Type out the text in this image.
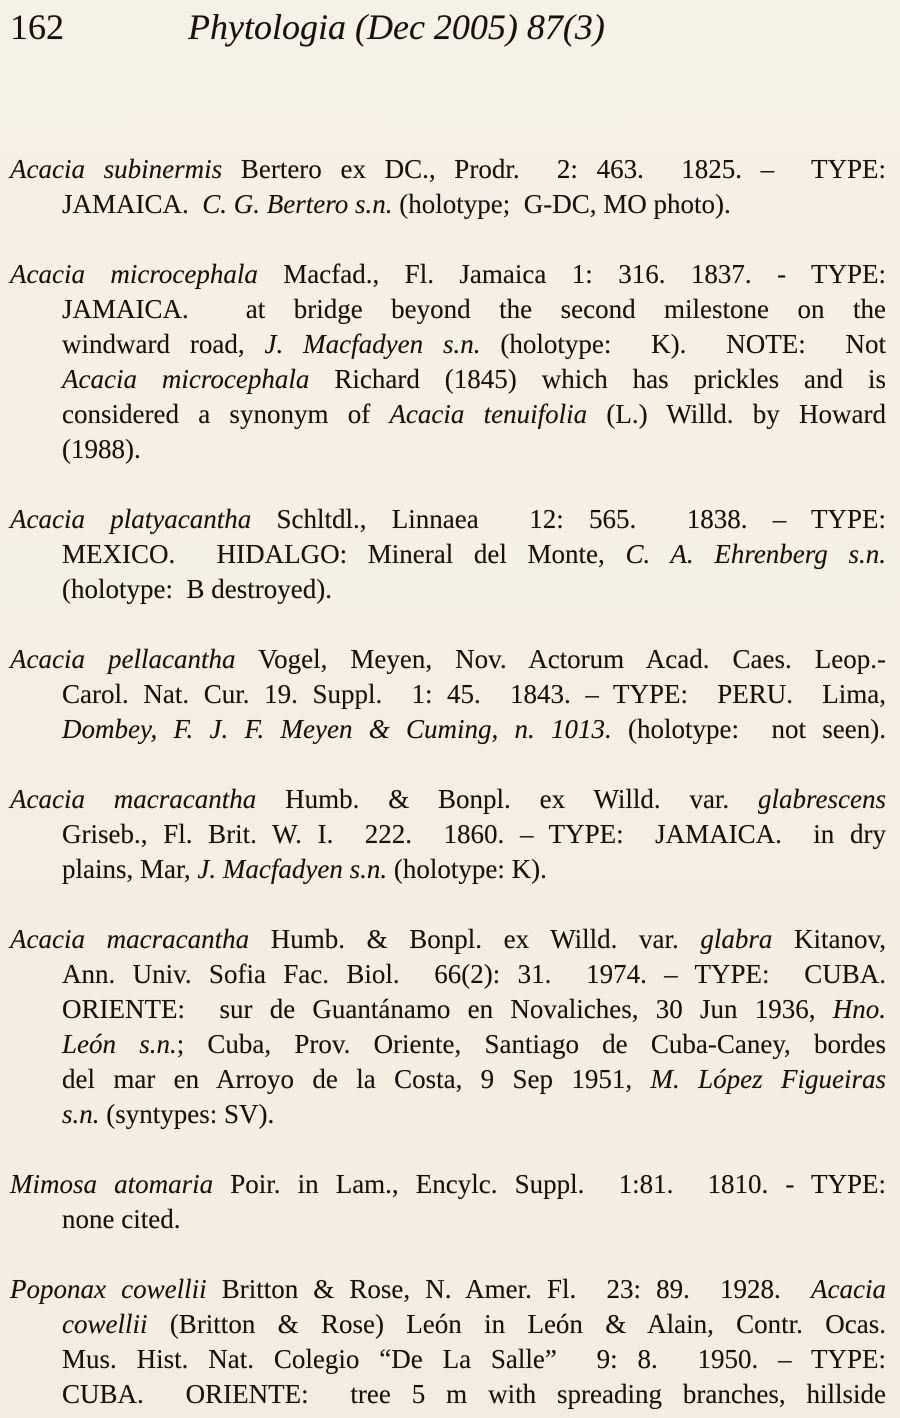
162	Phytologia (Dec 2005) 87(3)
Acacia subinermis Bertero ex DC., Prodr.  2: 463.  1825. –  TYPE:
JAMAICA.  C. G. Bertero s.n. (holotype;  G-DC, MO photo).
Acacia microcephala Macfad., Fl. Jamaica 1: 316. 1837. - TYPE:
JAMAICA.  at bridge beyond the second milestone on the
windward road, J. Macfadyen s.n. (holotype:  K).  NOTE:  Not
Acacia microcephala Richard (1845) which has prickles and is
considered a synonym of Acacia tenuifolia (L.) Willd. by Howard
(1988).
Acacia platyacantha Schltdl., Linnaea  12: 565.  1838. – TYPE:
MEXICO.  HIDALGO: Mineral del Monte, C. A. Ehrenberg s.n.
(holotype:  B destroyed).
Acacia pellacantha Vogel, Meyen, Nov. Actorum Acad. Caes. Leop.-
Carol. Nat. Cur. 19. Suppl.  1: 45.  1843. – TYPE:  PERU.  Lima,
Dombey, F. J. F. Meyen & Cuming, n. 1013. (holotype:  not seen).
Acacia macracantha Humb. & Bonpl. ex Willd. var. glabrescens
Griseb., Fl. Brit. W. I.  222.  1860. – TYPE:  JAMAICA.  in dry
plains, Mar, J. Macfadyen s.n. (holotype: K).
Acacia macracantha Humb. & Bonpl. ex Willd. var. glabra Kitanov,
Ann. Univ. Sofia Fac. Biol.  66(2): 31.  1974. – TYPE:  CUBA.
ORIENTE:  sur de Guantánamo en Novaliches, 30 Jun 1936, Hno.
León s.n.; Cuba, Prov. Oriente, Santiago de Cuba-Caney, bordes
del mar en Arroyo de la Costa, 9 Sep 1951, M. López Figueiras
s.n. (syntypes: SV).
Mimosa atomaria Poir. in Lam., Encylc. Suppl.  1:81.  1810. - TYPE:
none cited.
Poponax cowellii Britton & Rose, N. Amer. Fl.  23: 89.  1928.  Acacia
cowellii (Britton & Rose) León in León & Alain, Contr. Ocas.
Mus. Hist. Nat. Colegio “De La Salle”  9: 8.  1950. – TYPE:
CUBA.  ORIENTE:  tree 5 m with spreading branches, hillside
